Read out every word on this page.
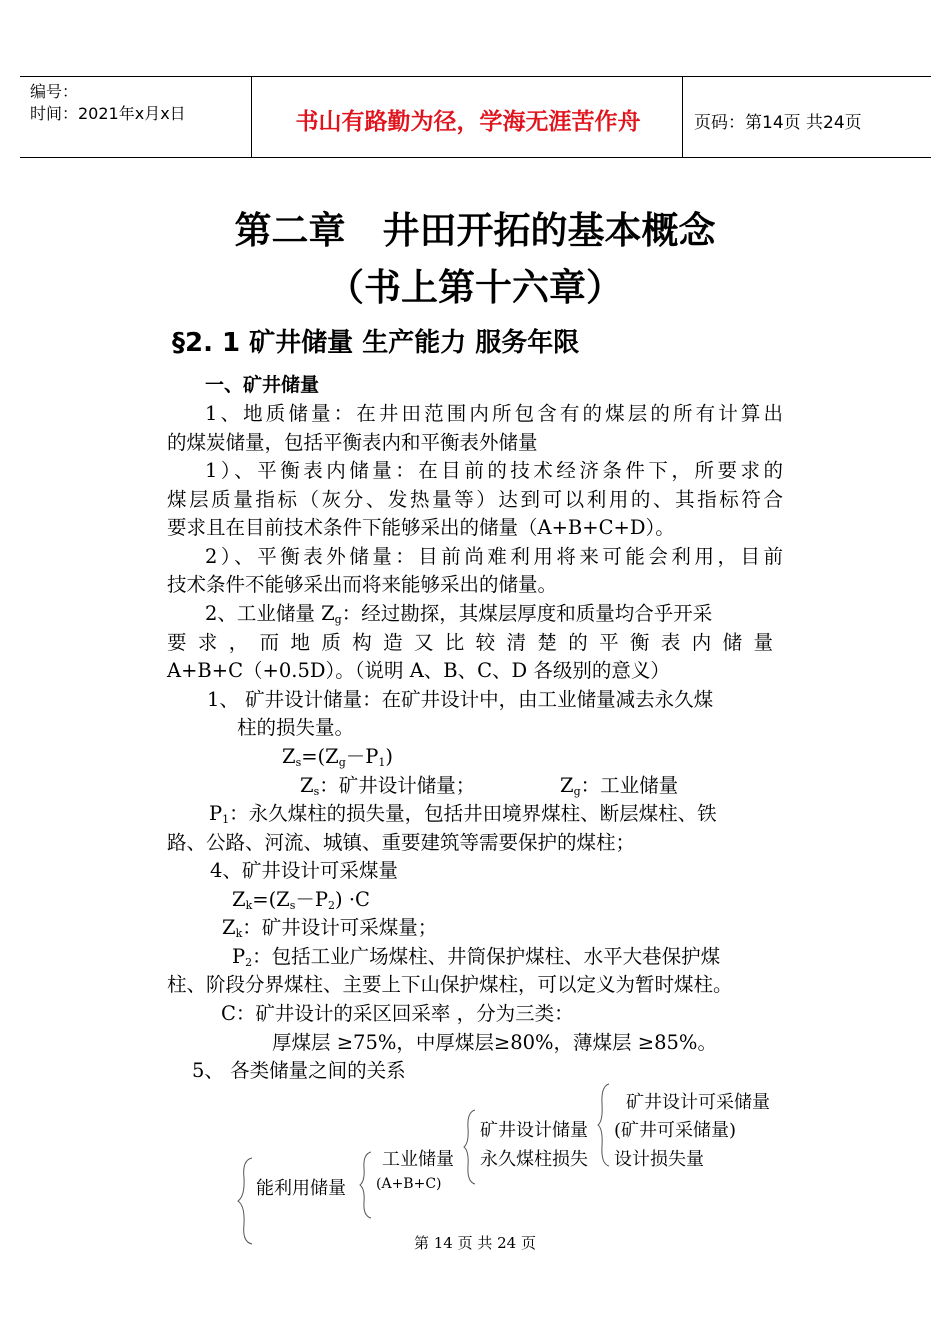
编号：
时间：2021年x月x日	书山有路勤为径，学海无涯苦作舟	页码：第14页 共24页
第二章　井田开拓的基本概念
（书上第十六章）
§2. 1 矿井储量 生产能力 服务年限
一、矿井储量
1、地质储量：在井田范围内所包含有的煤层的所有计算出
的煤炭储量，包括平衡表内和平衡表外储量
1）、平衡表内储量：在目前的技术经济条件下，所要求的
煤层质量指标（灰分、发热量等）达到可以利用的、其指标符合
要求且在目前技术条件下能够采出的储量（A+B+C+D）。
2）、平衡表外储量：目前尚难利用将来可能会利用，目前
技术条件不能够采出而将来能够采出的储量。
2、工业储量 $Z_g$：经过勘探，其煤层厚度和质量均合乎开采
要求，而地质构造又比较清楚的平衡表内储量
A+B+C（+0.5D）。（说明 A、B、C、D 各级别的意义）
1、 矿井设计储量：在矿井设计中，由工业储量减去永久煤
柱的损失量。
$Z_s=(Z_g-P_1)$
$Z_s$：矿井设计储量；	$Z_g$：工业储量
$P_1$：永久煤柱的损失量，包括井田境界煤柱、断层煤柱、铁
路、公路、河流、城镇、重要建筑等需要保护的煤柱；
4、矿井设计可采煤量
$Z_k=(Z_s-P_2) \cdot C$
$Z_k$：矿井设计可采煤量；
$P_2$：包括工业广场煤柱、井筒保护煤柱、水平大巷保护煤
柱、阶段分界煤柱、主要上下山保护煤柱，可以定义为暂时煤柱。
C：矿井设计的采区回采率 ，分为三类：
厚煤层 ≥75%，中厚煤层≥80%，薄煤层 ≥85%。
5、 各类储量之间的关系
能利用储量
工业储量
(A+B+C)
矿井设计储量
永久煤柱损失
矿井设计可采储量
(矿井可采储量)
设计损失量
第 14 页 共 24 页
